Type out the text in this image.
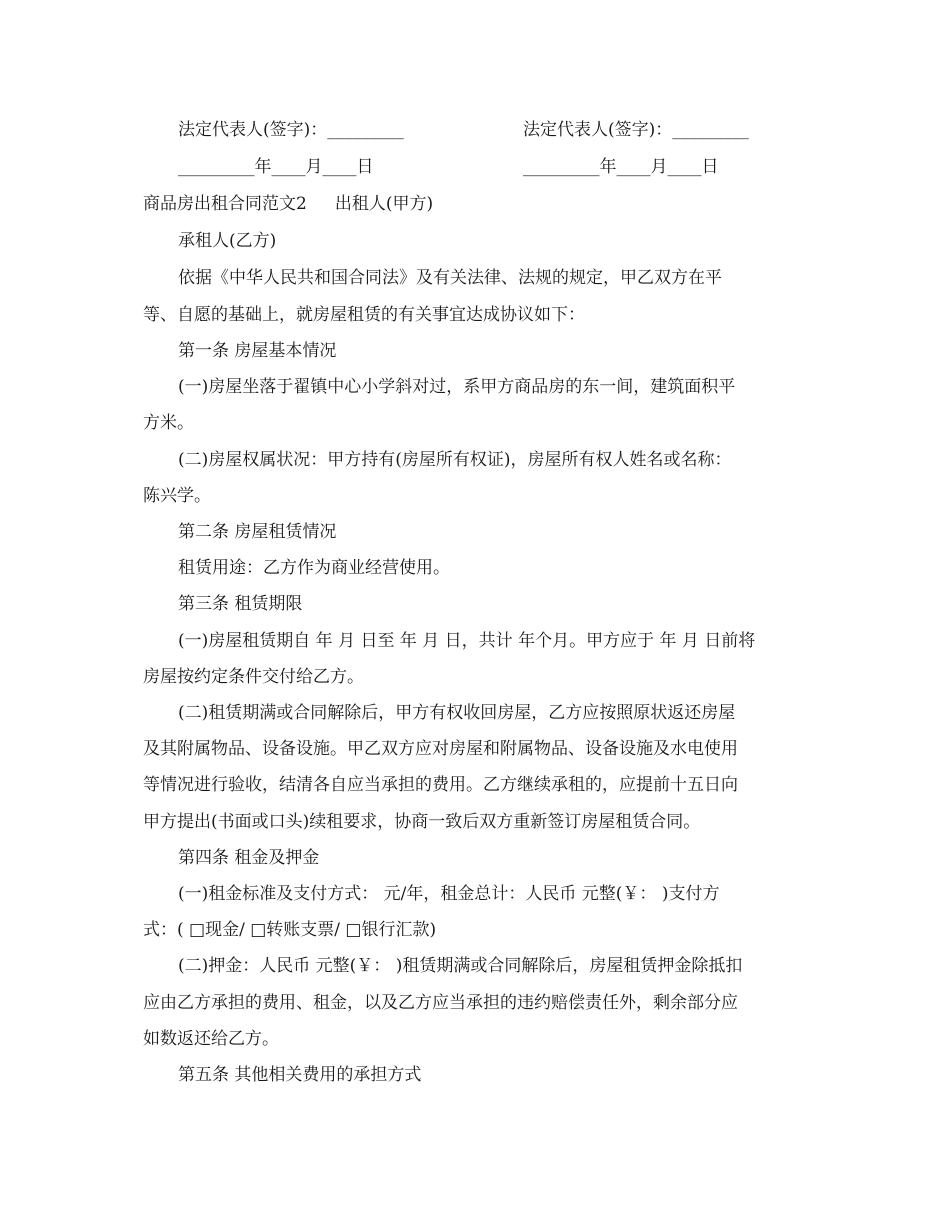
法定代表人(签字)：_________	法定代表人(签字)：_________
_________年____月____日	_________年____月____日
商品房出租合同范文2 出租人(甲方)
承租人(乙方)
依据《中华人民共和国合同法》及有关法律、法规的规定，甲乙双方在平
等、自愿的基础上，就房屋租赁的有关事宜达成协议如下：
第一条 房屋基本情况
(一)房屋坐落于翟镇中心小学斜对过，系甲方商品房的东一间，建筑面积平
方米。
(二)房屋权属状况：甲方持有(房屋所有权证)，房屋所有权人姓名或名称：
陈兴学。
第二条 房屋租赁情况
租赁用途：乙方作为商业经营使用。
第三条 租赁期限
(一)房屋租赁期自 年 月 日至 年 月 日，共计 年个月。甲方应于 年 月 日前将
房屋按约定条件交付给乙方。
(二)租赁期满或合同解除后，甲方有权收回房屋，乙方应按照原状返还房屋
及其附属物品、设备设施。甲乙双方应对房屋和附属物品、设备设施及水电使用
等情况进行验收，结清各自应当承担的费用。乙方继续承租的，应提前十五日向
甲方提出(书面或口头)续租要求，协商一致后双方重新签订房屋租赁合同。
第四条 租金及押金
(一)租金标准及支付方式： 元/年，租金总计：人民币 元整(￥： )支付方
式：( □现金/ □转账支票/ □银行汇款)
(二)押金：人民币 元整(￥： )租赁期满或合同解除后，房屋租赁押金除抵扣
应由乙方承担的费用、租金，以及乙方应当承担的违约赔偿责任外，剩余部分应
如数返还给乙方。
第五条 其他相关费用的承担方式
